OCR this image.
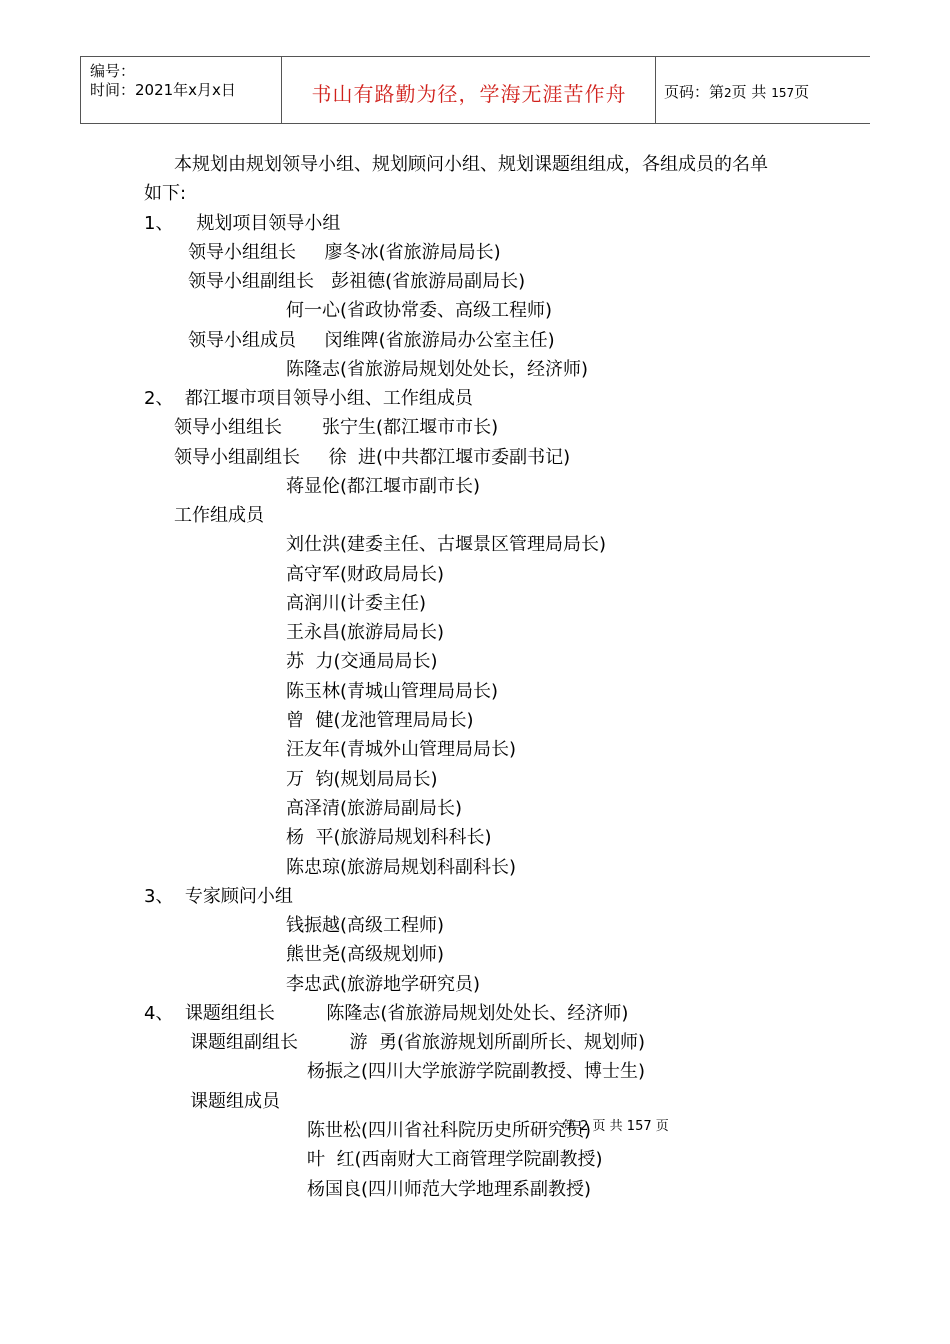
编号：
时间：2021年x月x日	书山有路勤为径，学海无涯苦作舟	页码：第2页 共 157页
本规划由规划领导小组、规划顾问小组、规划课题组组成，各组成员的名单
如下:
1、    规划项目领导小组
领导小组组长     廖冬冰(省旅游局局长)
领导小组副组长   彭祖德(省旅游局副局长)
何一心(省政协常委、高级工程师)
领导小组成员     闵维陴(省旅游局办公室主任)
陈隆志(省旅游局规划处处长，经济师)
2、  都江堰市项目领导小组、工作组成员
领导小组组长       张宁生(都江堰市市长)
领导小组副组长     徐  进(中共都江堰市委副书记)
蒋显伦(都江堰市副市长)
工作组成员
刘仕洪(建委主任、古堰景区管理局局长)
高守军(财政局局长)
高润川(计委主任)
王永昌(旅游局局长)
苏  力(交通局局长)
陈玉林(青城山管理局局长)
曾  健(龙池管理局局长)
汪友年(青城外山管理局局长)
万  钧(规划局局长)
高泽清(旅游局副局长)
杨  平(旅游局规划科科长)
陈忠琼(旅游局规划科副科长)
3、  专家顾问小组
钱振越(高级工程师)
熊世尧(高级规划师)
李忠武(旅游地学研究员)
4、  课题组组长         陈隆志(省旅游局规划处处长、经济师)
课题组副组长         游  勇(省旅游规划所副所长、规划师)
杨振之(四川大学旅游学院副教授、博士生)
课题组成员
陈世松(四川省社科院历史所研究员)
叶  红(西南财大工商管理学院副教授)
杨国良(四川师范大学地理系副教授)
第 2 页 共 157 页
